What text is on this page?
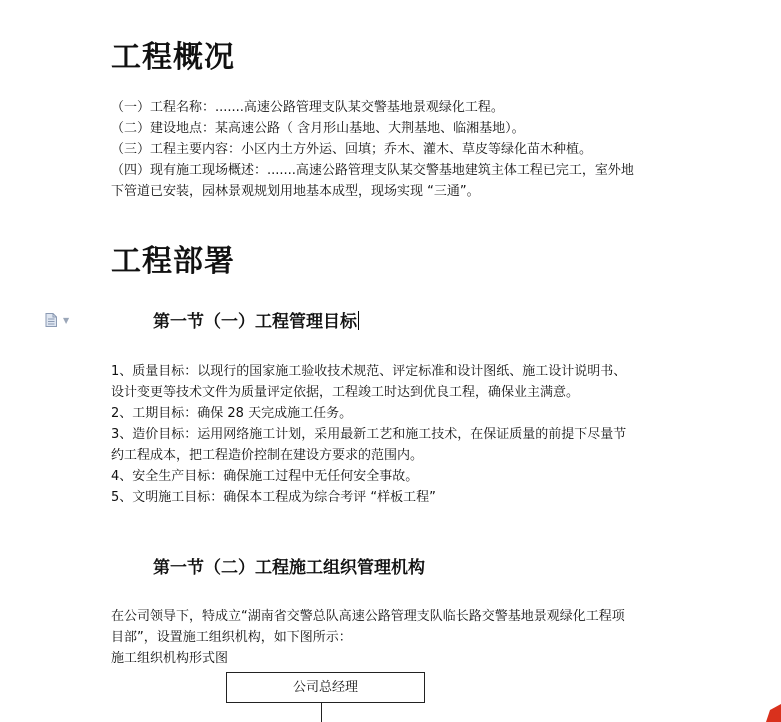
工程概况
（一）工程名称：.......高速公路管理支队某交警基地景观绿化工程。
（二）建设地点：某高速公路（ 含月形山基地、大荆基地、临湘基地）。
（三）工程主要内容：小区内土方外运、回填；乔木、灌木、草皮等绿化苗木种植。
（四）现有施工现场概述：.......高速公路管理支队某交警基地建筑主体工程已完工，室外地
下管道已安装，园林景观规划用地基本成型，现场实现 “三通”。
工程部署
▼	第一节（一）工程管理目标
1、质量目标：以现行的国家施工验收技术规范、评定标准和设计图纸、施工设计说明书、
设计变更等技术文件为质量评定依据，工程竣工时达到优良工程，确保业主满意。
2、工期目标：确保 28 天完成施工任务。
3、造价目标：运用网络施工计划，采用最新工艺和施工技术，在保证质量的前提下尽量节
约工程成本，把工程造价控制在建设方要求的范围内。
4、安全生产目标：确保施工过程中无任何安全事故。
5、文明施工目标：确保本工程成为综合考评 “样板工程”
第一节（二）工程施工组织管理机构
在公司领导下，特成立“湖南省交警总队高速公路管理支队临长路交警基地景观绿化工程项
目部”，设置施工组织机构，如下图所示：
施工组织机构形式图
公司总经理
